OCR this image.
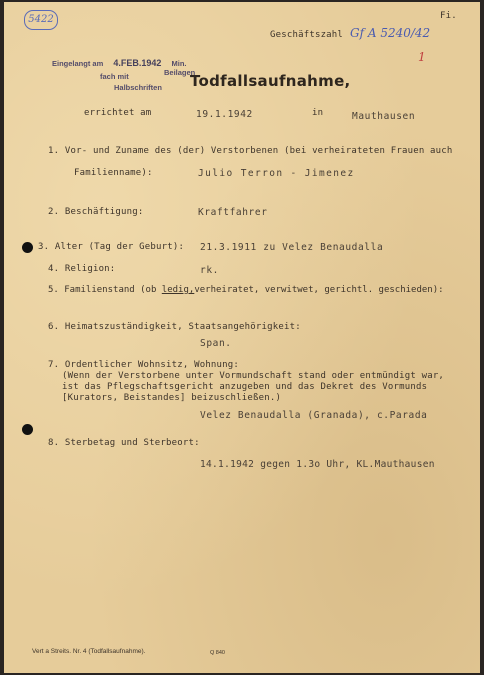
5422	Fi.
Geschäftszahl Gf A 5240/42
1
Eingelangt am 4.FEB.1942 Min.
fach mit	Beilagen
Halbschriften Todfallsaufnahme,
errichtet am	19.1.1942	in	Mauthausen
1. Vor- und Zuname des (der) Verstorbenen (bei verheirateten Frauen auch
Familienname):	Julio Terron - Jimenez
2. Beschäftigung:	Kraftfahrer
3. Alter (Tag der Geburt): 21.3.1911 zu Velez Benaudalla
4. Religion:	rk.
5. Familienstand (ob ledig,verheiratet, verwitwet, gerichtl. geschieden):
6. Heimatszuständigkeit, Staatsangehörigkeit:
Span.
7. Ordentlicher Wohnsitz, Wohnung:
(Wenn der Verstorbene unter Vormundschaft stand oder entmündigt war,
ist das Pflegschaftsgericht anzugeben und das Dekret des Vormunds
[Kurators, Beistandes] beizuschließen.)
Velez Benaudalla (Granada), c.Parada
8. Sterbetag und Sterbeort:
14.1.1942 gegen 1.3o Uhr, KL.Mauthausen
Vert a Streits. Nr. 4 (Todfallsaufnahme).	Q 840
